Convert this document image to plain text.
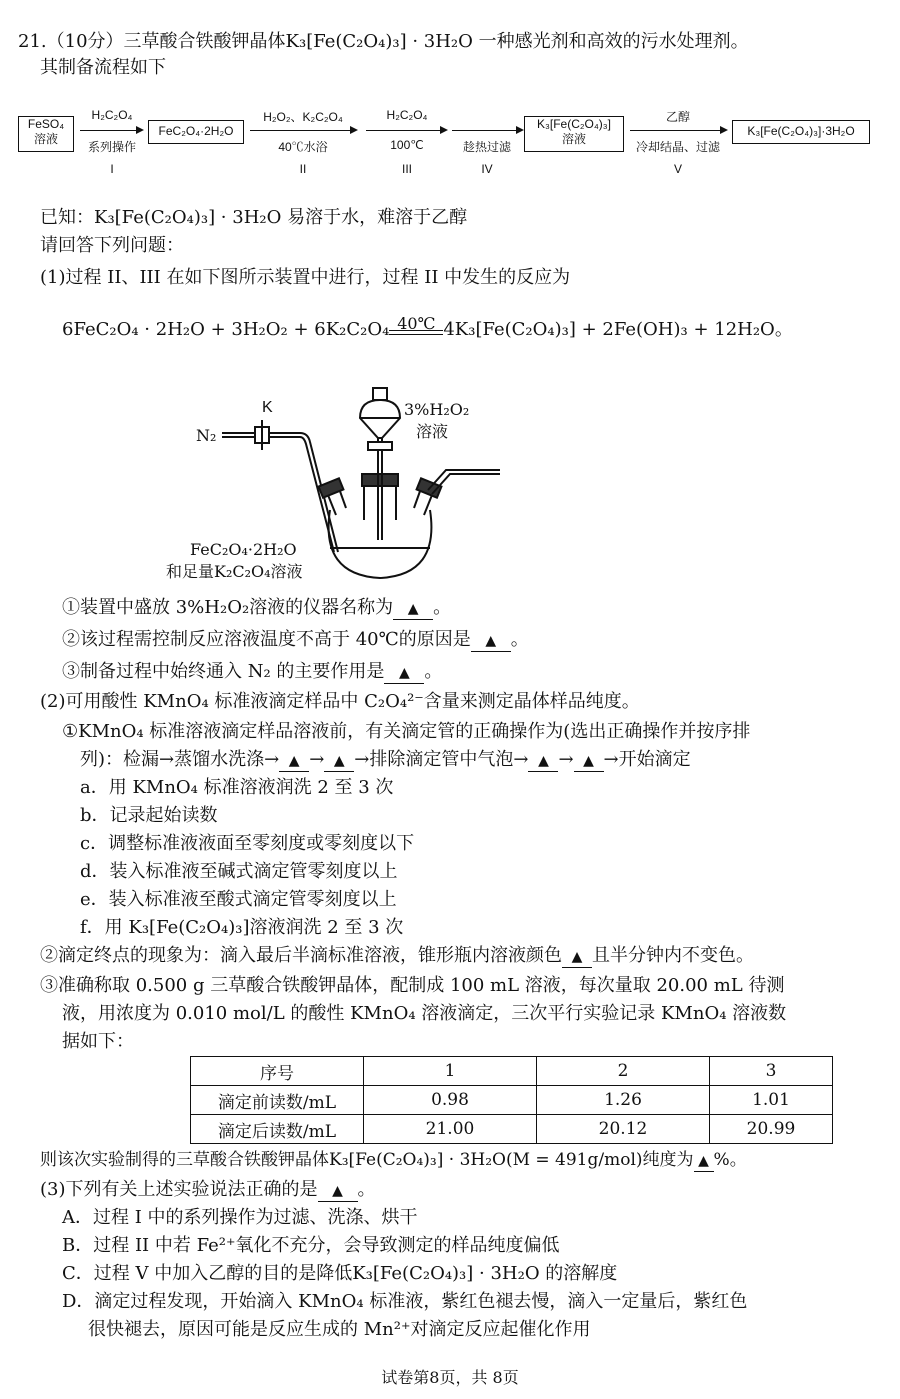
21.（10分）三草酸合铁酸钾晶体K₃[Fe(C₂O₄)₃] · 3H₂O 一种感光剂和高效的污水处理剂。
其制备流程如下
FeSO₄
溶液
H₂C₂O₄
系列操作
I
FeC₂O₄·2H₂O
H₂O₂、K₂C₂O₄
40℃水浴
II
H₂C₂O₄
100℃
III
趁热过滤
IV
K₃[Fe(C₂O₄)₃]
溶液
乙醇
冷却结晶、过滤
V
K₃[Fe(C₂O₄)₃]·3H₂O
已知：K₃[Fe(C₂O₄)₃] · 3H₂O 易溶于水，难溶于乙醇
请回答下列问题：
(1)过程 II、III 在如下图所示装置中进行，过程 II 中发生的反应为
6FeC₂O₄ · 2H₂O + 3H₂O₂ + 6K₂C₂O₄ 40℃ 4K₃[Fe(C₂O₄)₃] + 2Fe(OH)₃ + 12H₂O。
K
N₂
3%H₂O₂
溶液
FeC₂O₄·2H₂O
和足量K₂C₂O₄溶液
①装置中盛放 3%H₂O₂溶液的仪器名称为 ▲ 。
②该过程需控制反应溶液温度不高于 40℃的原因是 ▲ 。
③制备过程中始终通入 N₂ 的主要作用是 ▲ 。
(2)可用酸性 KMnO₄ 标准液滴定样品中 C₂O₄²⁻含量来测定晶体样品纯度。
①KMnO₄ 标准溶液滴定样品溶液前，有关滴定管的正确操作为(选出正确操作并按序排
列)：检漏→蒸馏水洗涤→ ▲ → ▲ →排除滴定管中气泡→ ▲ → ▲ →开始滴定
a．用 KMnO₄ 标准溶液润洗 2 至 3 次
b．记录起始读数
c．调整标准液液面至零刻度或零刻度以下
d．装入标准液至碱式滴定管零刻度以上
e．装入标准液至酸式滴定管零刻度以上
f．用 K₃[Fe(C₂O₄)₃]溶液润洗 2 至 3 次
②滴定终点的现象为：滴入最后半滴标准溶液，锥形瓶内溶液颜色 ▲ 且半分钟内不变色。
③准确称取 0.500 g 三草酸合铁酸钾晶体，配制成 100 mL 溶液，每次量取 20.00 mL 待测
液，用浓度为 0.010 mol/L 的酸性 KMnO₄ 溶液滴定，三次平行实验记录 KMnO₄ 溶液数
据如下：
序号	1	2	3
滴定前读数/mL	0.98	1.26	1.01
滴定后读数/mL	21.00	20.12	20.99
则该次实验制得的三草酸合铁酸钾晶体K₃[Fe(C₂O₄)₃] · 3H₂O(M = 491g/mol)纯度为 ▲ %。
(3)下列有关上述实验说法正确的是 ▲ 。
A．过程 I 中的系列操作为过滤、洗涤、烘干
B．过程 II 中若 Fe²⁺氧化不充分，会导致测定的样品纯度偏低
C．过程 V 中加入乙醇的目的是降低K₃[Fe(C₂O₄)₃] · 3H₂O 的溶解度
D．滴定过程发现，开始滴入 KMnO₄ 标准液，紫红色褪去慢，滴入一定量后，紫红色
很快褪去，原因可能是反应生成的 Mn²⁺对滴定反应起催化作用
试卷第8页，共 8页
